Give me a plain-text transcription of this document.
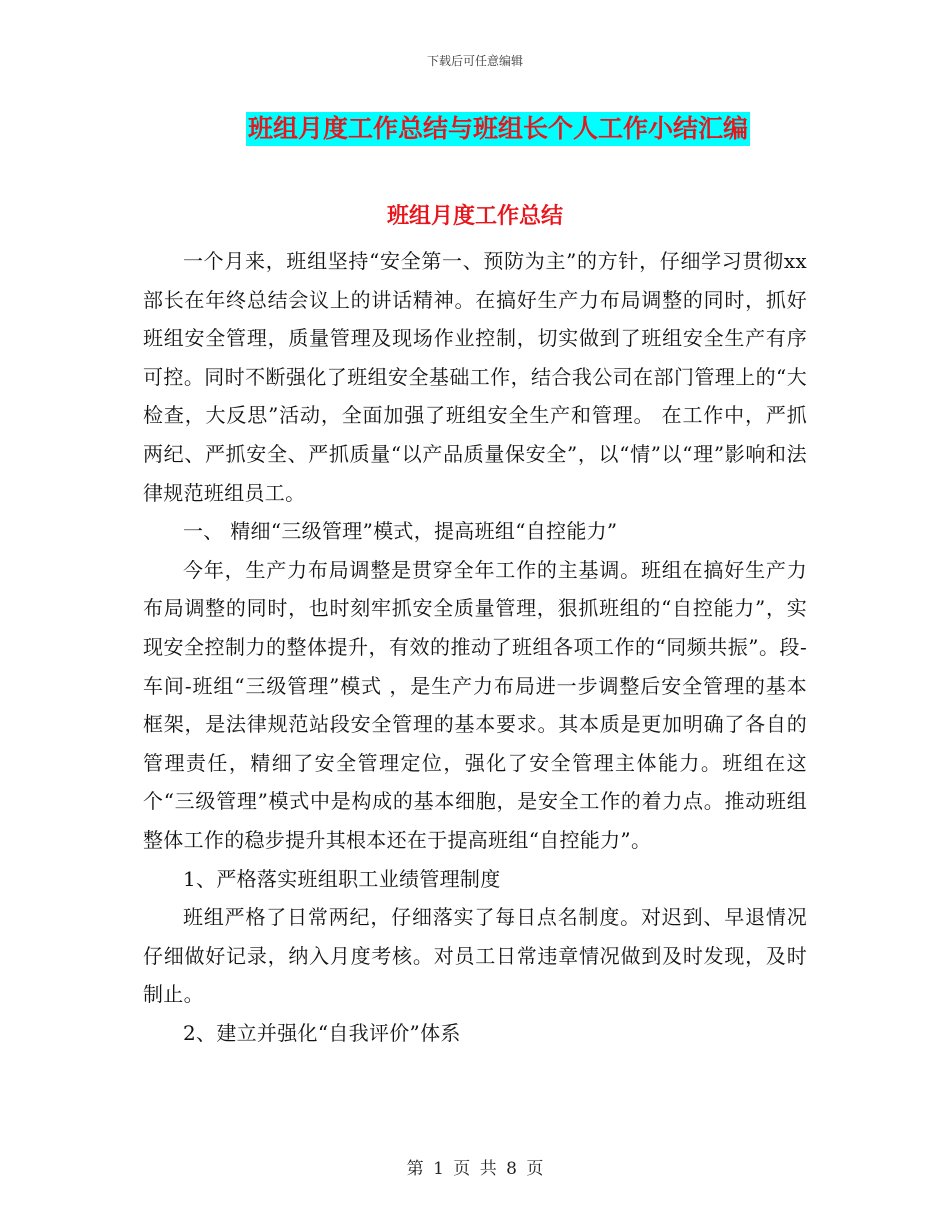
下载后可任意编辑
班组月度工作总结与班组长个人工作小结汇编
班组月度工作总结

一个月来，班组坚持“安全第一、预防为主”的方针，仔细学习贯彻xx部长在年终总结会议上的讲话精神。在搞好生产力布局调整的同时，抓好班组安全管理，质量管理及现场作业控制，切实做到了班组安全生产有序可控。同时不断强化了班组安全基础工作，结合我公司在部门管理上的“大检查，大反思”活动，全面加强了班组安全生产和管理。 在工作中，严抓两纪、严抓安全、严抓质量“以产品质量保安全”，以“情”以“理”影响和法律规范班组员工。

一、 精细“三级管理”模式，提高班组“自控能力”

今年，生产力布局调整是贯穿全年工作的主基调。班组在搞好生产力布局调整的同时，也时刻牢抓安全质量管理，狠抓班组的“自控能力”，实现安全控制力的整体提升，有效的推动了班组各项工作的“同频共振”。段-车间-班组“三级管理”模式 ，是生产力布局进一步调整后安全管理的基本框架，是法律规范站段安全管理的基本要求。其本质是更加明确了各自的管理责任，精细了安全管理定位，强化了安全管理主体能力。班组在这个“三级管理”模式中是构成的基本细胞，是安全工作的着力点。推动班组整体工作的稳步提升其根本还在于提高班组“自控能力”。

1、严格落实班组职工业绩管理制度

班组严格了日常两纪，仔细落实了每日点名制度。对迟到、早退情况仔细做好记录，纳入月度考核。对员工日常违章情况做到及时发现，及时制止。

2、建立并强化“自我评价”体系

第 1 页 共 8 页
